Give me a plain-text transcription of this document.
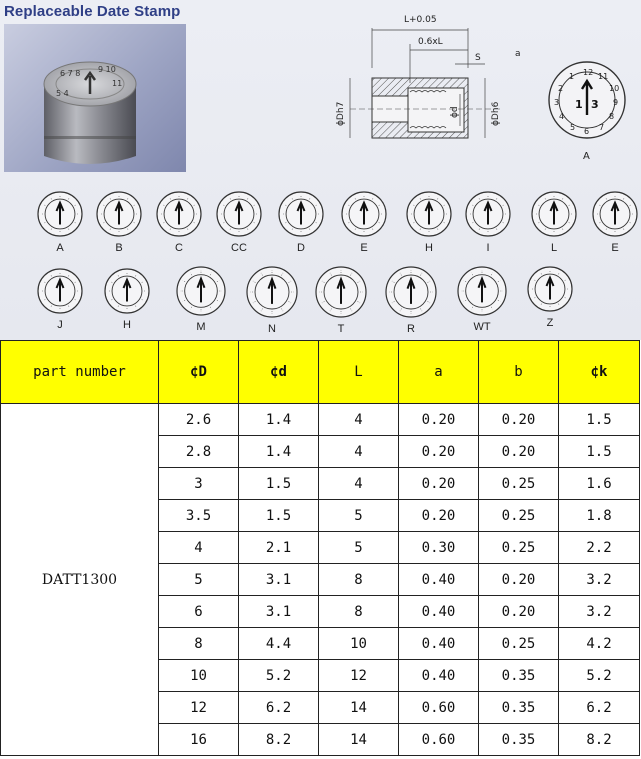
Replaceable Date Stamp
6 7 8 9 10
11
5 4
L+0.05
0.6xL
S
ϕDh7	ϕd	ϕDh6
a
12 11
10
9
8
7
6
5
4
3
2
1
1 3
A
A	B	C	CC	D	E	H	I	L	E
J	H	M	N	T	R	WT	Z
part number	¢D	¢d	L	a	b	¢k
DATT1300	2.6	1.4	4	0.20	0.20	1.5
	2.8	1.4	4	0.20	0.20	1.5
	3	1.5	4	0.20	0.25	1.6
	3.5	1.5	5	0.20	0.25	1.8
	4	2.1	5	0.30	0.25	2.2
	5	3.1	8	0.40	0.20	3.2
	6	3.1	8	0.40	0.20	3.2
	8	4.4	10	0.40	0.25	4.2
	10	5.2	12	0.40	0.35	5.2
	12	6.2	14	0.60	0.35	6.2
	16	8.2	14	0.60	0.35	8.2
